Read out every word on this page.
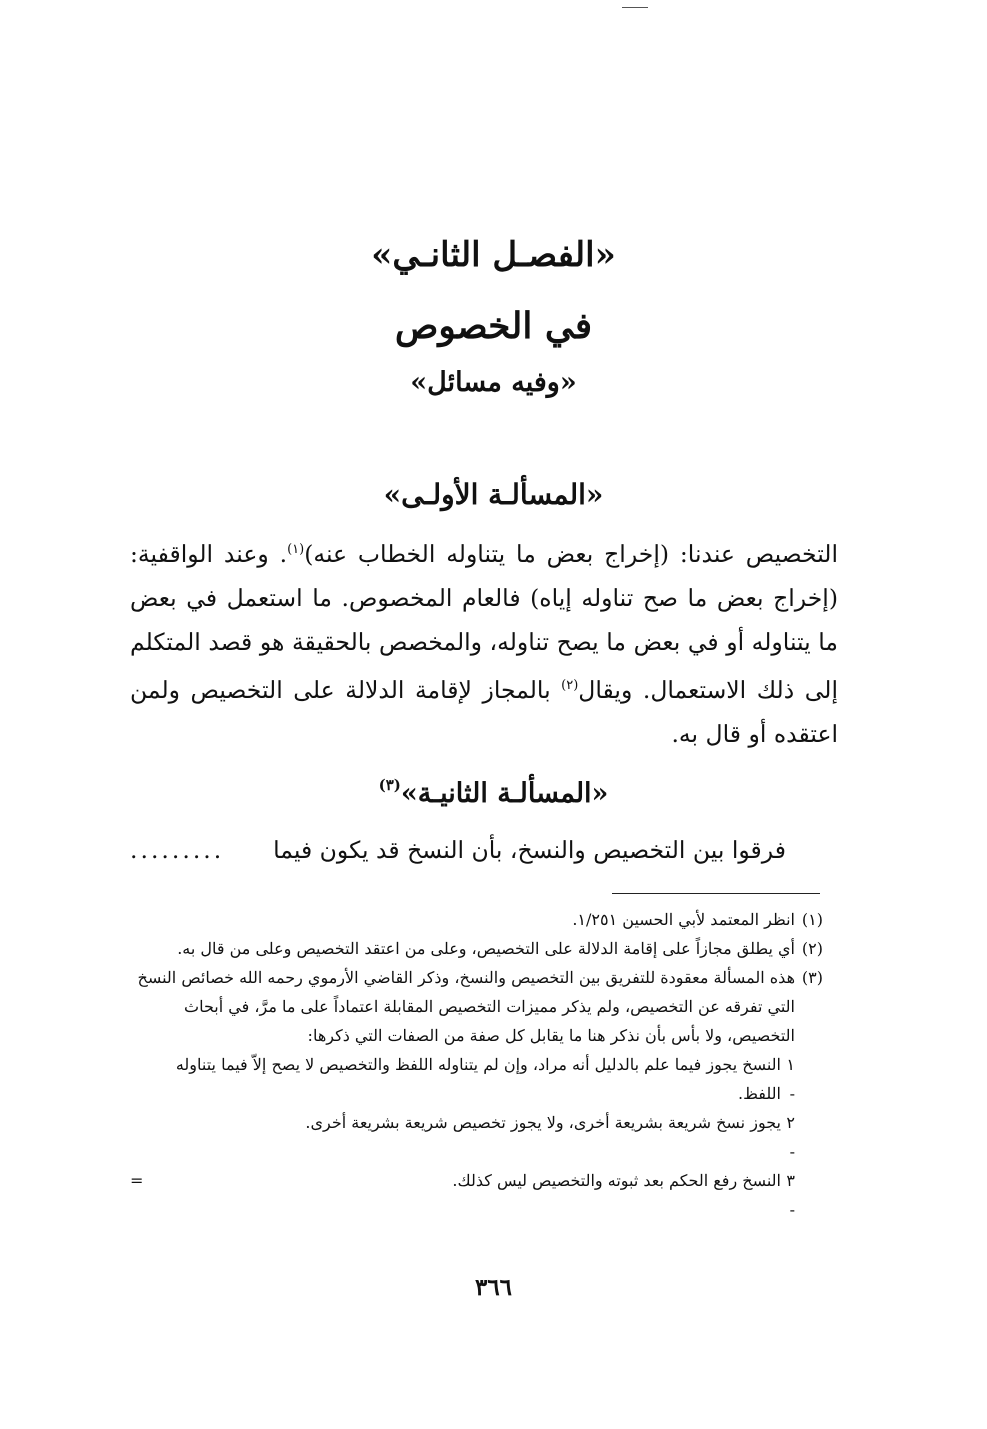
«الفصـل الثانـي»
في الخصوص
«وفيه مسائل»
«المسألـة الأولـى»

التخصيص عندنا: (إخراج بعض ما يتناوله الخطاب عنه)$^{(١)}$. وعند الواقفية: (إخراج بعض ما صح تناوله إياه) فالعام المخصوص. ما استعمل في بعض ما يتناوله أو في بعض ما يصح تناوله، والمخصص بالحقيقة هو قصد المتكلم إلى ذلك الاستعمال. ويقال$^{(٢)}$ بالمجاز لإقامة الدلالة على التخصيص ولمن اعتقده أو قال به.

«المسألـة الثانيـة»$^{(٣)}$
فرقوا بين التخصيص والنسخ، بأن النسخ قد يكون فيما
.........
(١)
انظر المعتمد لأبي الحسين ١/٢٥١.
(٢)
أي يطلق مجازاً على إقامة الدلالة على التخصيص، وعلى من اعتقد التخصيص وعلى من قال به.
(٣)
هذه المسألة معقودة للتفريق بين التخصيص والنسخ، وذكر القاضي الأرموي رحمه الله خصائص النسخ التي تفرقه عن التخصيص، ولم يذكر مميزات التخصيص المقابلة اعتماداً على ما مرَّ، في أبحاث التخصيص، ولا بأس بأن نذكر هنا ما يقابل كل صفة من الصفات التي ذكرها:
١ -
النسخ يجوز فيما علم بالدليل أنه مراد، وإن لم يتناوله اللفظ والتخصيص لا يصح إلاّ فيما يتناوله اللفظ.
٢ -
يجوز نسخ شريعة بشريعة أخرى، ولا يجوز تخصيص شريعة بشريعة أخرى.
٣ -
النسخ رفع الحكم بعد ثبوته والتخصيص ليس كذلك.
=
٣٦٦
